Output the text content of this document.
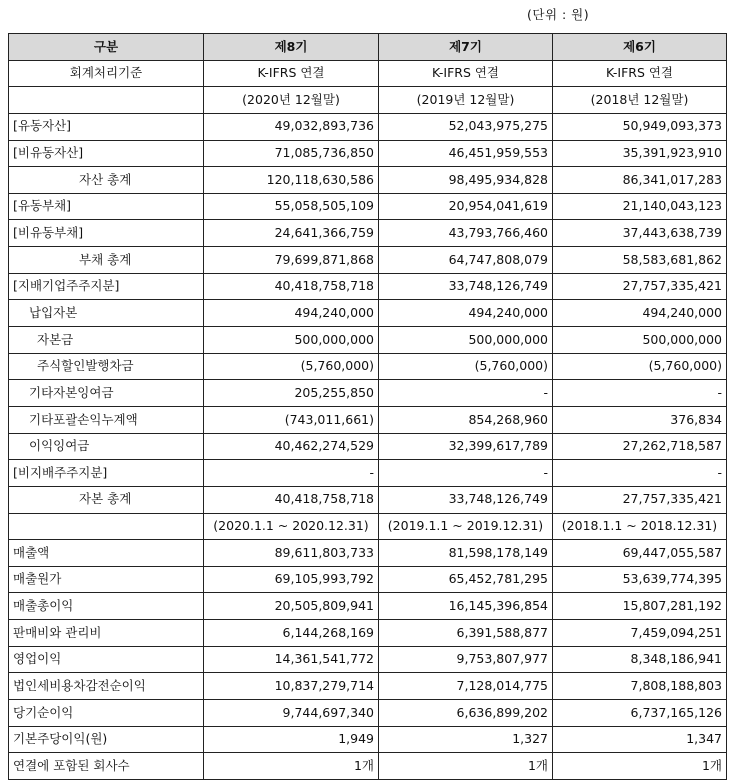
(단위 : 원)
구분	제8기	제7기	제6기
회계처리기준	K-IFRS 연결	K-IFRS 연결	K-IFRS 연결
	(2020년 12월말)	(2019년 12월말)	(2018년 12월말)
[유동자산]	49,032,893,736	52,043,975,275	50,949,093,373
[비유동자산]	71,085,736,850	46,451,959,553	35,391,923,910
자산 총계	120,118,630,586	98,495,934,828	86,341,017,283
[유동부채]	55,058,505,109	20,954,041,619	21,140,043,123
[비유동부채]	24,641,366,759	43,793,766,460	37,443,638,739
부채 총계	79,699,871,868	64,747,808,079	58,583,681,862
[지배기업주주지분]	40,418,758,718	33,748,126,749	27,757,335,421
납입자본	494,240,000	494,240,000	494,240,000
자본금	500,000,000	500,000,000	500,000,000
주식할인발행차금	(5,760,000)	(5,760,000)	(5,760,000)
기타자본잉여금	205,255,850	-	-
기타포괄손익누계액	(743,011,661)	854,268,960	376,834
이익잉여금	40,462,274,529	32,399,617,789	27,262,718,587
[비지배주주지분]	-	-	-
자본 총계	40,418,758,718	33,748,126,749	27,757,335,421
	(2020.1.1 ~ 2020.12.31)	(2019.1.1 ~ 2019.12.31)	(2018.1.1 ~ 2018.12.31)
매출액	89,611,803,733	81,598,178,149	69,447,055,587
매출원가	69,105,993,792	65,452,781,295	53,639,774,395
매출총이익	20,505,809,941	16,145,396,854	15,807,281,192
판매비와 관리비	6,144,268,169	6,391,588,877	7,459,094,251
영업이익	14,361,541,772	9,753,807,977	8,348,186,941
법인세비용차감전순이익	10,837,279,714	7,128,014,775	7,808,188,803
당기순이익	9,744,697,340	6,636,899,202	6,737,165,126
기본주당이익(원)	1,949	1,327	1,347
연결에 포함된 회사수	1개	1개	1개
